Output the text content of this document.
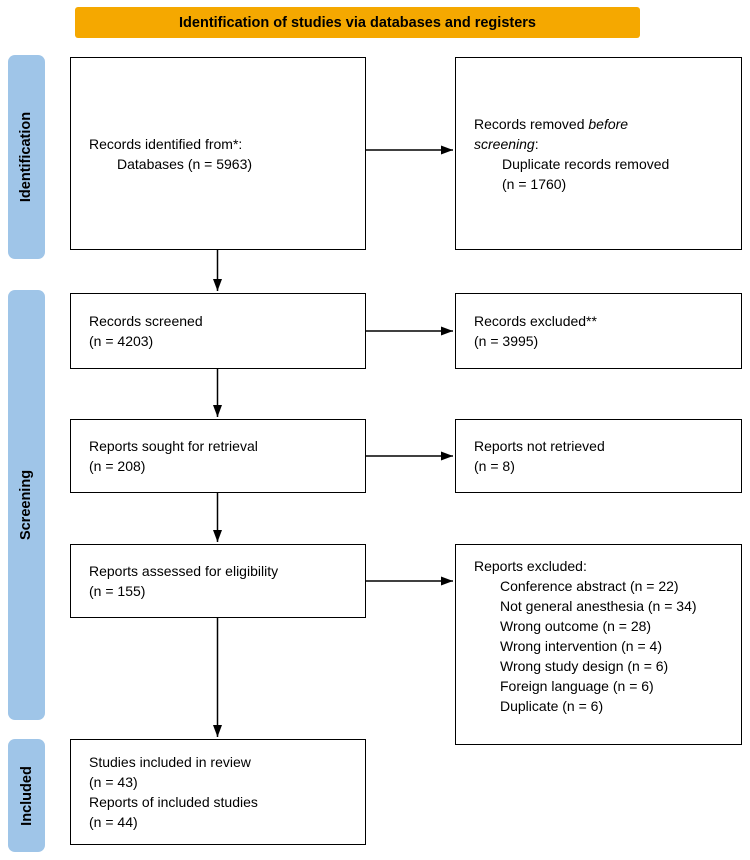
Identification of studies via databases and registers
Identification
Screening
Included
Records identified from*:
Databases (n = 5963)
Records screened
(n = 4203)
Reports sought for retrieval
(n = 208)
Reports assessed for eligibility
(n = 155)
Studies included in review
(n = 43)
Reports of included studies
(n = 44)
Records removed before
screening:
Duplicate records removed
(n = 1760)
Records excluded**
(n = 3995)
Reports not retrieved
(n = 8)
Reports excluded:
Conference abstract (n = 22)
Not general anesthesia (n = 34)
Wrong outcome (n = 28)
Wrong intervention (n = 4)
Wrong study design (n = 6)
Foreign language (n = 6)
Duplicate (n = 6)
